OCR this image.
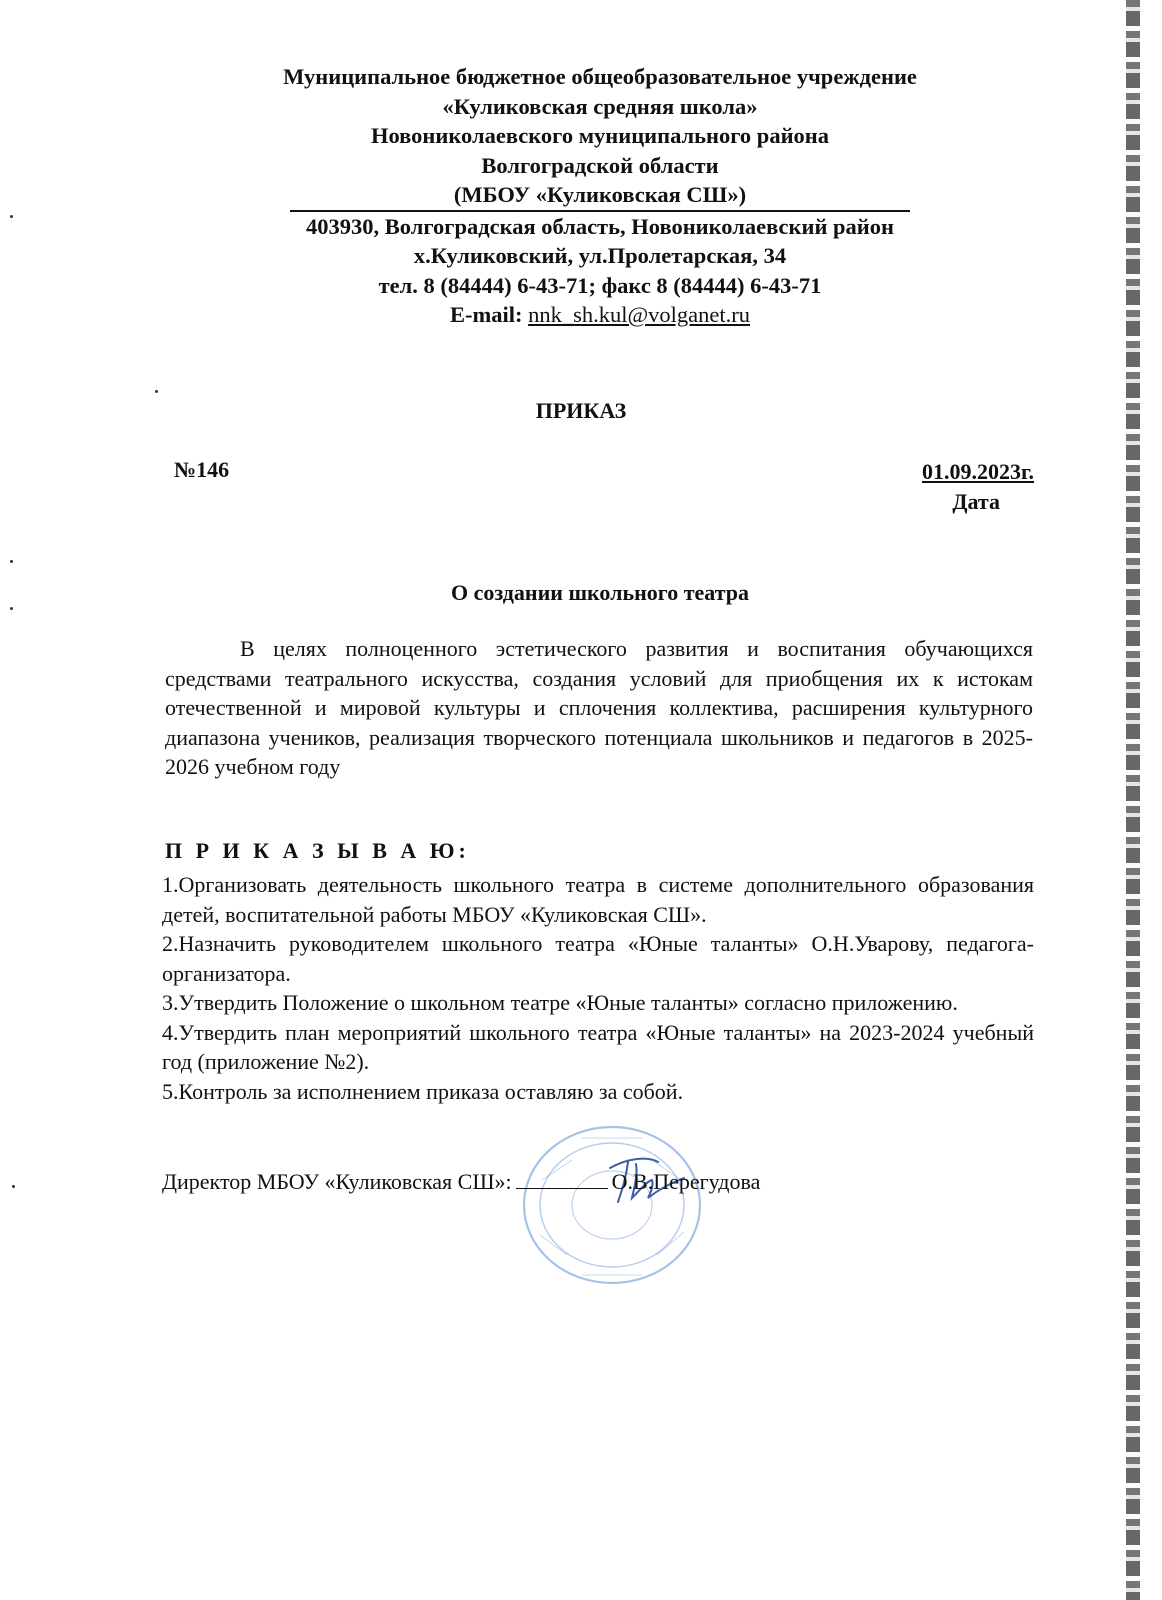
Муниципальное бюджетное общеобразовательное учреждение
«Куликовская средняя школа»
Новониколаевского муниципального района
Волгоградской области
(МБОУ «Куликовская СШ»)
403930, Волгоградская область, Новониколаевский район
х.Куликовский, ул.Пролетарская, 34
тел. 8 (84444) 6-43-71; факс 8 (84444) 6-43-71
E-mail: nnk_sh.kul@volganet.ru
ПРИКАЗ
№146	01.09.2023г.
Дата
О создании школьного театра
В целях полноценного эстетического развития и воспитания обучающихся средствами театрального искусства, создания условий для приобщения их к истокам отечественной и мировой культуры и сплочения коллектива, расширения культурного диапазона учеников, реализация творческого потенциала школьников и педагогов в 2025-2026 учебном году
П Р И К А З Ы В А Ю:
1.Организовать деятельность школьного театра в системе дополнительного образования детей, воспитательной работы МБОУ «Куликовская СШ».
2.Назначить руководителем школьного театра «Юные таланты» О.Н.Уварову, педагога-организатора.
3.Утвердить Положение о школьном театре «Юные таланты» согласно приложению.
4.Утвердить план мероприятий школьного театра «Юные таланты» на 2023-2024 учебный год (приложение №2).
5.Контроль за исполнением приказа оставляю за собой.
Директор МБОУ «Куликовская СШ»:	О.В.Перегудова
